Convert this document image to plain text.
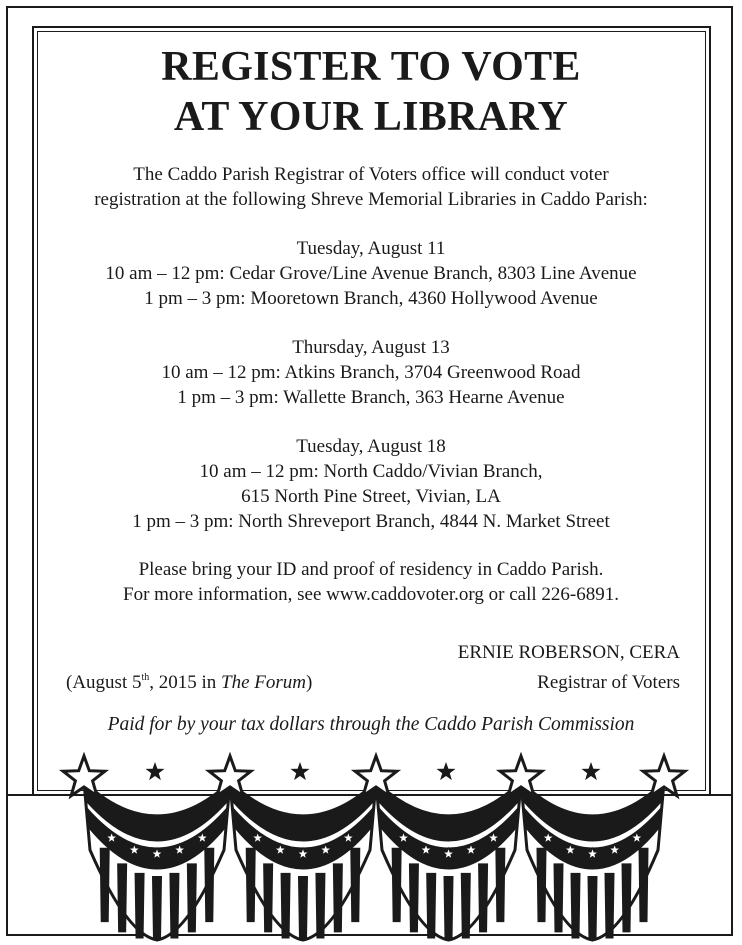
REGISTER TO VOTE
AT YOUR LIBRARY
The Caddo Parish Registrar of Voters office will conduct voter
registration at the following Shreve Memorial Libraries in Caddo Parish:

Tuesday, August 11

10 am – 12 pm: Cedar Grove/Line Avenue Branch, 8303 Line Avenue

1 pm – 3 pm: Mooretown Branch, 4360 Hollywood Avenue

Thursday, August 13

10 am – 12 pm: Atkins Branch, 3704 Greenwood Road

1 pm – 3 pm: Wallette Branch, 363 Hearne Avenue

Tuesday, August 18

10 am – 12 pm: North Caddo/Vivian Branch,

615 North Pine Street, Vivian, LA

1 pm – 3 pm: North Shreveport Branch, 4844 N. Market Street

Please bring your ID and proof of residency in Caddo Parish.

For more information, see www.caddovoter.org or call 226-6891.

ERNIE ROBERSON, CERA
(August 5th, 2015 in The Forum)	Registrar of Voters
Paid for by your tax dollars through the Caddo Parish Commission
